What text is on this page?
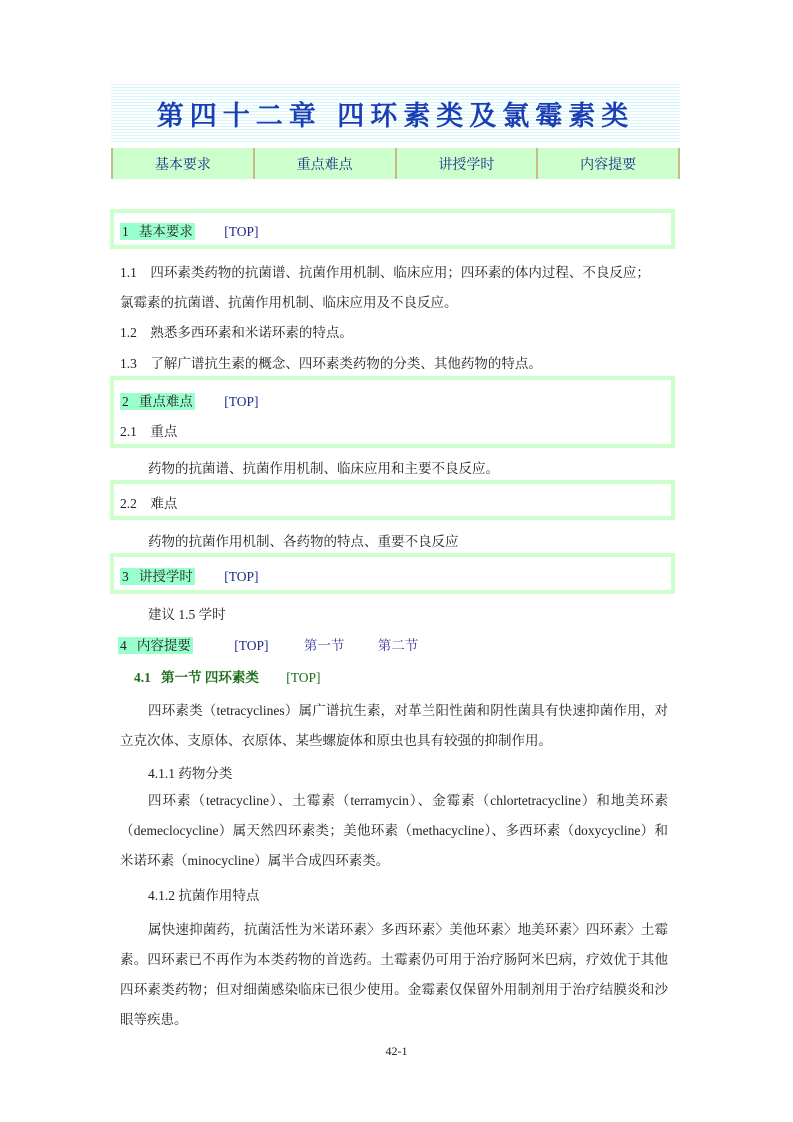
第四十二章 四环素类及氯霉素类
基本要求	重点难点	讲授学时	内容提要
1 基本要求 [TOP]
1.1 四环素类药物的抗菌谱、抗菌作用机制、临床应用；四环素的体内过程、不良反应；
氯霉素的抗菌谱、抗菌作用机制、临床应用及不良反应。
1.2 熟悉多西环素和米诺环素的特点。
1.3 了解广谱抗生素的概念、四环素类药物的分类、其他药物的特点。
2 重点难点 [TOP]
2.1 重点
药物的抗菌谱、抗菌作用机制、临床应用和主要不良反应。
2.2 难点
药物的抗菌作用机制、各药物的特点、重要不良反应
3 讲授学时 [TOP]
建议 1.5 学时
4 内容提要	[TOP]	第一节 第二节
4.1 第一节 四环素类 [TOP]

四环素类（tetracyclines）属广谱抗生素，对革兰阳性菌和阴性菌具有快速抑菌作用，对立克次体、支原体、衣原体、某些螺旋体和原虫也具有较强的抑制作用。

4.1.1 药物分类

四环素（tetracycline）、土霉素（terramycin）、金霉素（chlortetracycline）和地美环素（demeclocycline）属天然四环素类；美他环素（methacycline）、多西环素（doxycycline）和米诺环素（minocycline）属半合成四环素类。

4.1.2 抗菌作用特点

属快速抑菌药，抗菌活性为米诺环素〉多西环素〉美他环素〉地美环素〉四环素〉土霉素。四环素已不再作为本类药物的首选药。土霉素仍可用于治疗肠阿米巴病，疗效优于其他四环素类药物；但对细菌感染临床已很少使用。金霉素仅保留外用制剂用于治疗结膜炎和沙眼等疾患。

42-1
